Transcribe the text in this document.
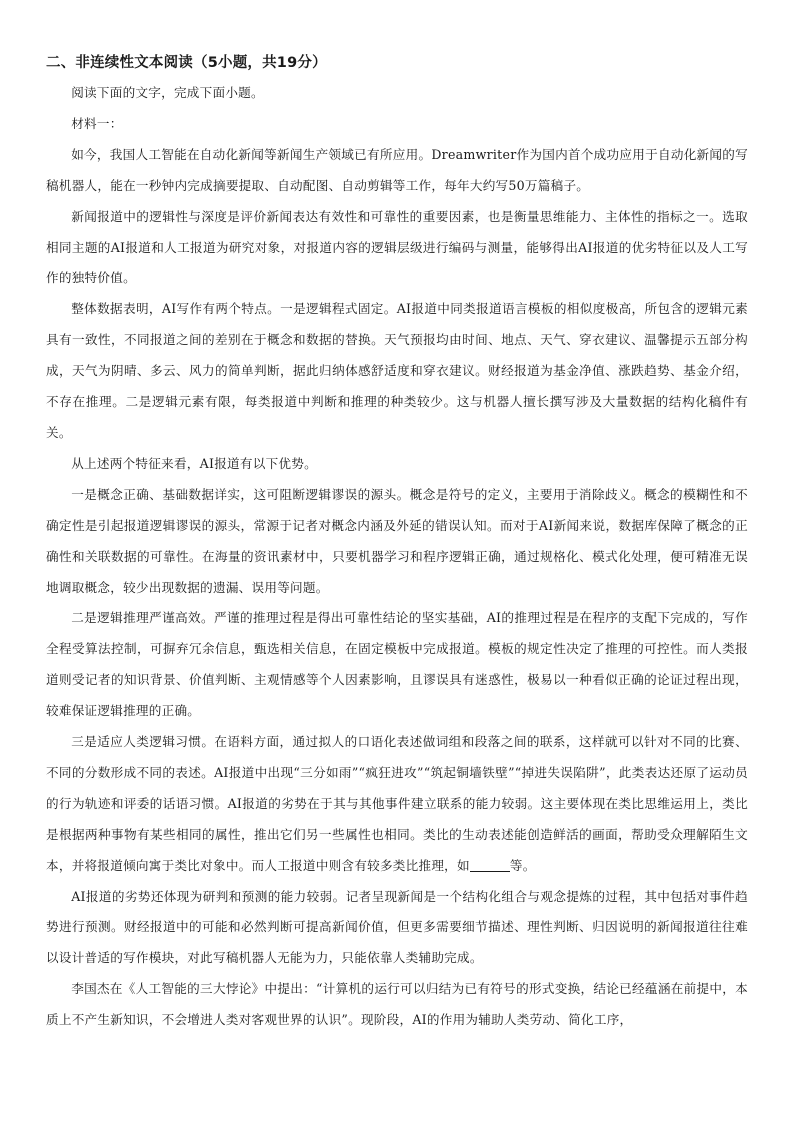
二、非连续性文本阅读（5小题，共19分）

阅读下面的文字，完成下面小题。

材料一：

如今，我国人工智能在自动化新闻等新闻生产领域已有所应用。Dreamwriter作为国内首个成功应用于自动化新闻的写稿机器人，能在一秒钟内完成摘要提取、自动配图、自动剪辑等工作，每年大约写50万篇稿子。

新闻报道中的逻辑性与深度是评价新闻表达有效性和可靠性的重要因素，也是衡量思维能力、主体性的指标之一。选取相同主题的AI报道和人工报道为研究对象，对报道内容的逻辑层级进行编码与测量，能够得出AI报道的优劣特征以及人工写作的独特价值。

整体数据表明，AI写作有两个特点。一是逻辑程式固定。AI报道中同类报道语言模板的相似度极高，所包含的逻辑元素具有一致性，不同报道之间的差别在于概念和数据的替换。天气预报均由时间、地点、天气、穿衣建议、温馨提示五部分构成，天气为阴晴、多云、风力的简单判断，据此归纳体感舒适度和穿衣建议。财经报道为基金净值、涨跌趋势、基金介绍，不存在推理。二是逻辑元素有限，每类报道中判断和推理的种类较少。这与机器人擅长撰写涉及大量数据的结构化稿件有关。

从上述两个特征来看，AI报道有以下优势。

一是概念正确、基础数据详实，这可阻断逻辑谬误的源头。概念是符号的定义，主要用于消除歧义。概念的模糊性和不确定性是引起报道逻辑谬误的源头，常源于记者对概念内涵及外延的错误认知。而对于AI新闻来说，数据库保障了概念的正确性和关联数据的可靠性。在海量的资讯素材中，只要机器学习和程序逻辑正确，通过规格化、模式化处理，便可精准无误地调取概念，较少出现数据的遗漏、误用等问题。

二是逻辑推理严谨高效。严谨的推理过程是得出可靠性结论的坚实基础，AI的推理过程是在程序的支配下完成的，写作全程受算法控制，可摒弃冗余信息，甄选相关信息，在固定模板中完成报道。模板的规定性决定了推理的可控性。而人类报道则受记者的知识背景、价值判断、主观情感等个人因素影响，且谬误具有迷惑性，极易以一种看似正确的论证过程出现，较难保证逻辑推理的正确。

三是适应人类逻辑习惯。在语料方面，通过拟人的口语化表述做词组和段落之间的联系，这样就可以针对不同的比赛、不同的分数形成不同的表述。AI报道中出现“三分如雨”“疯狂进攻”“筑起铜墙铁壁”“掉进失误陷阱”，此类表达还原了运动员的行为轨迹和评委的话语习惯。AI报道的劣势在于其与其他事件建立联系的能力较弱。这主要体现在类比思维运用上，类比是根据两种事物有某些相同的属性，推出它们另一些属性也相同。类比的生动表述能创造鲜活的画面，帮助受众理解陌生文本，并将报道倾向寓于类比对象中。而人工报道中则含有较多类比推理，如	等。

AI报道的劣势还体现为研判和预测的能力较弱。记者呈现新闻是一个结构化组合与观念提炼的过程，其中包括对事件趋势进行预测。财经报道中的可能和必然判断可提高新闻价值，但更多需要细节描述、理性判断、归因说明的新闻报道往往难以设计普适的写作模块，对此写稿机器人无能为力，只能依靠人类辅助完成。

李国杰在《人工智能的三大悖论》中提出：“计算机的运行可以归结为已有符号的形式变换，结论已经蕴涵在前提中，本质上不产生新知识，不会增进人类对客观世界的认识”。现阶段，AI的作用为辅助人类劳动、简化工序，
